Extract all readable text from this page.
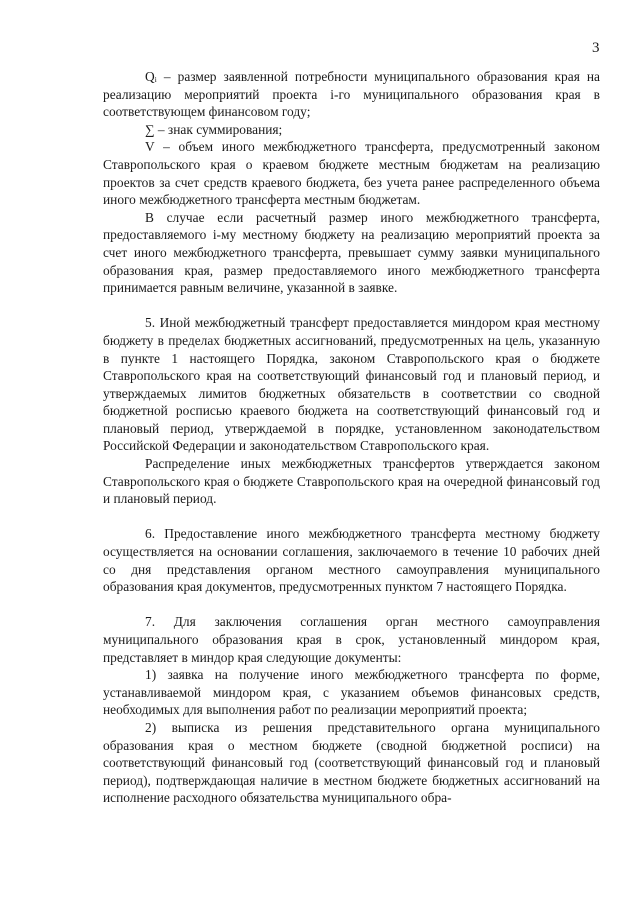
3

Qᵢ – размер заявленной потребности муниципального образования края на реализацию мероприятий проекта i-го муниципального образования края в соответствующем финансовом году;

∑ – знак суммирования;

V – объем иного межбюджетного трансферта, предусмотренный законом Ставропольского края о краевом бюджете местным бюджетам на реализацию проектов за счет средств краевого бюджета, без учета ранее распределенного объема иного межбюджетного трансферта местным бюджетам.

В случае если расчетный размер иного межбюджетного трансферта, предоставляемого i-му местному бюджету на реализацию мероприятий проекта за счет иного межбюджетного трансферта, превышает сумму заявки муниципального образования края, размер предоставляемого иного межбюджетного трансферта принимается равным величине, указанной в заявке.

5. Иной межбюджетный трансферт предоставляется миндором края местному бюджету в пределах бюджетных ассигнований, предусмотренных на цель, указанную в пункте 1 настоящего Порядка, законом Ставропольского края о бюджете Ставропольского края на соответствующий финансовый год и плановый период, и утверждаемых лимитов бюджетных обязательств в соответствии со сводной бюджетной росписью краевого бюджета на соответствующий финансовый год и плановый период, утверждаемой в порядке, установленном законодательством Российской Федерации и законодательством Ставропольского края.

Распределение иных межбюджетных трансфертов утверждается законом Ставропольского края о бюджете Ставропольского края на очередной финансовый год и плановый период.

6. Предоставление иного межбюджетного трансферта местному бюджету осуществляется на основании соглашения, заключаемого в течение 10 рабочих дней со дня представления органом местного самоуправления муниципального образования края документов, предусмотренных пунктом 7 настоящего Порядка.

7. Для заключения соглашения орган местного самоуправления муниципального образования края в срок, установленный миндором края, представляет в миндор края следующие документы:

1) заявка на получение иного межбюджетного трансферта по форме, устанавливаемой миндором края, с указанием объемов финансовых средств, необходимых для выполнения работ по реализации мероприятий проекта;

2) выписка из решения представительного органа муниципального образования края о местном бюджете (сводной бюджетной росписи) на соответствующий финансовый год (соответствующий финансовый год и плановый период), подтверждающая наличие в местном бюджете бюджетных ассигнований на исполнение расходного обязательства муниципального обра-
